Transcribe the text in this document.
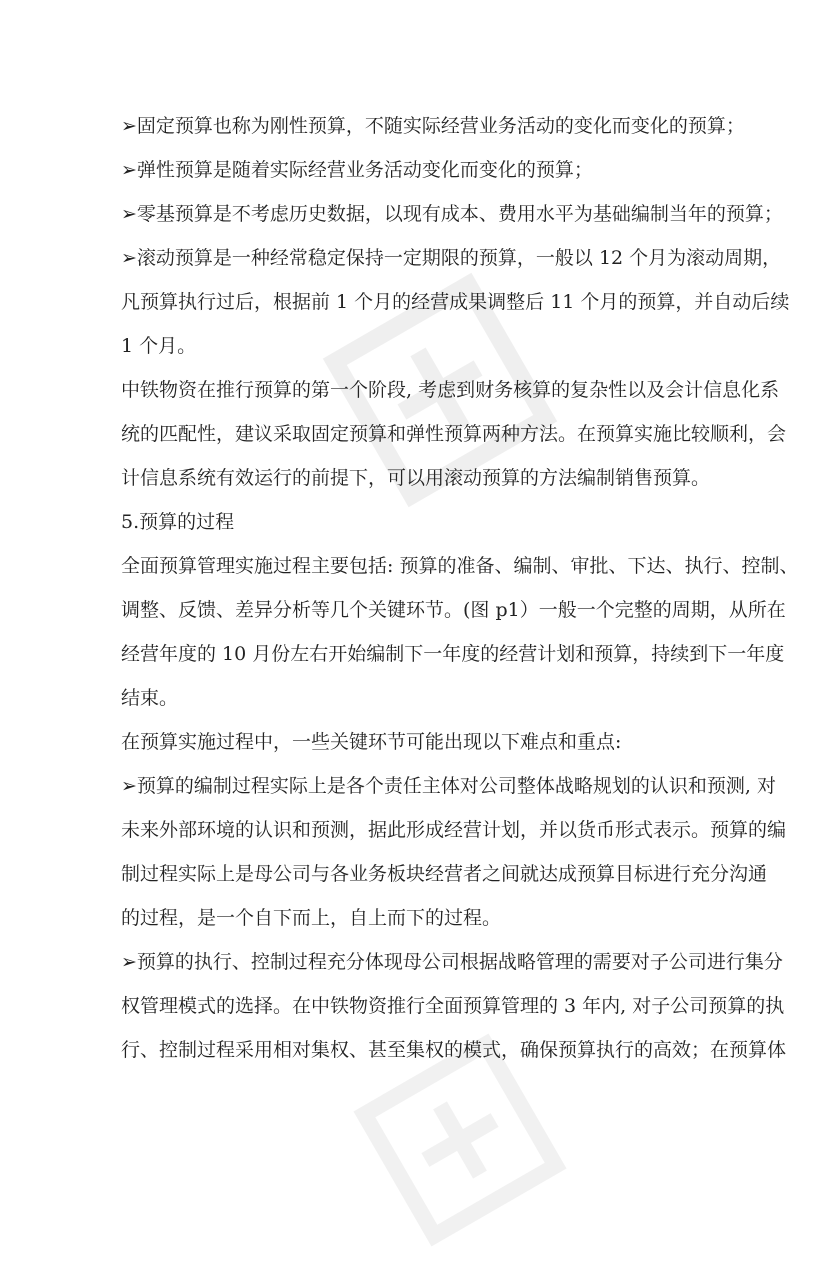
➢固定预算也称为刚性预算，不随实际经营业务活动的变化而变化的预算；
➢弹性预算是随着实际经营业务活动变化而变化的预算；
➢零基预算是不考虑历史数据，以现有成本、费用水平为基础编制当年的预算；
➢滚动预算是一种经常稳定保持一定期限的预算，一般以 12 个月为滚动周期，
凡预算执行过后，根据前 1 个月的经营成果调整后 11 个月的预算，并自动后续
1 个月。
中铁物资在推行预算的第一个阶段, 考虑到财务核算的复杂性以及会计信息化系
统的匹配性，建议采取固定预算和弹性预算两种方法。在预算实施比较顺利，会
计信息系统有效运行的前提下，可以用滚动预算的方法编制销售预算。
5.预算的过程
全面预算管理实施过程主要包括: 预算的准备、编制、审批、下达、执行、控制、
调整、反馈、差异分析等几个关键环节。(图 p1）一般一个完整的周期，从所在
经营年度的 10 月份左右开始编制下一年度的经营计划和预算，持续到下一年度
结束。
在预算实施过程中，一些关键环节可能出现以下难点和重点:
➢预算的编制过程实际上是各个责任主体对公司整体战略规划的认识和预测, 对
未来外部环境的认识和预测，据此形成经营计划，并以货币形式表示。预算的编
制过程实际上是母公司与各业务板块经营者之间就达成预算目标进行充分沟通
的过程，是一个自下而上，自上而下的过程。
➢预算的执行、控制过程充分体现母公司根据战略管理的需要对子公司进行集分
权管理模式的选择。在中铁物资推行全面预算管理的 3 年内, 对子公司预算的执
行、控制过程采用相对集权、甚至集权的模式，确保预算执行的高效；在预算体
